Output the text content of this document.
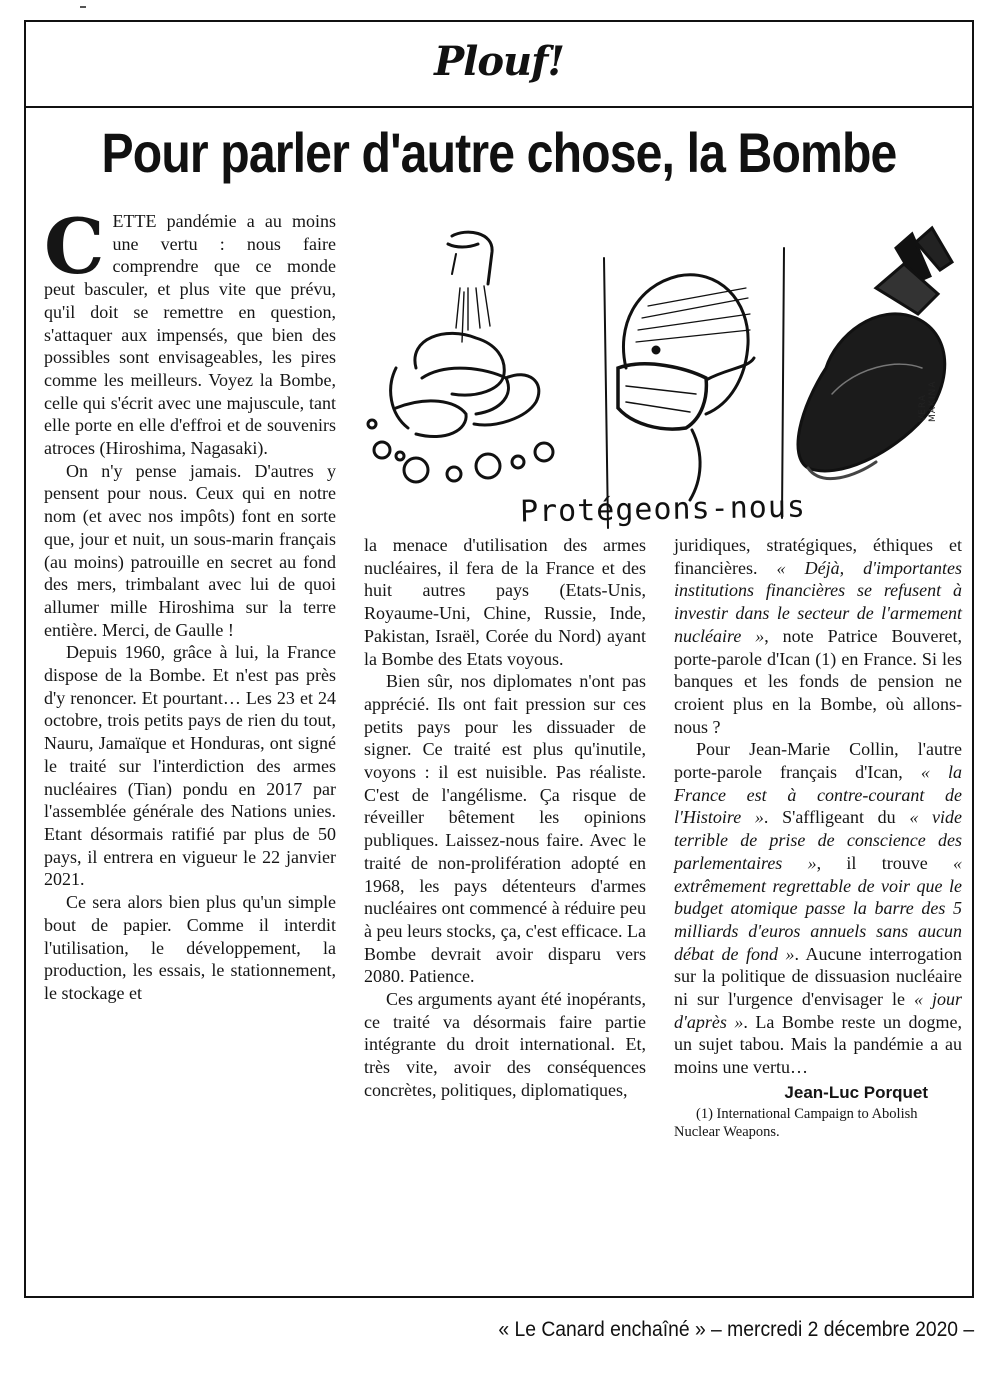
Plouf!
Pour parler d'autre chose, la Bombe

CETTE pandémie a au moins une vertu : nous faire comprendre que ce monde peut basculer, et plus vite que prévu, qu'il doit se remettre en question, s'attaquer aux impensés, que bien des possibles sont envisageables, les pires comme les meilleurs. Voyez la Bombe, celle qui s'écrit avec une majuscule, tant elle porte en elle d'effroi et de souvenirs atroces (Hiroshima, Nagasaki).

On n'y pense jamais. D'autres y pensent pour nous. Ceux qui en notre nom (et avec nos impôts) font en sorte que, jour et nuit, un sous-marin français (au moins) patrouille en secret au fond des mers, trimbalant avec lui de quoi allumer mille Hiroshima sur la terre entière. Merci, de Gaulle !

Depuis 1960, grâce à lui, la France dispose de la Bombe. Et n'est pas près d'y renoncer. Et pourtant… Les 23 et 24 octobre, trois petits pays de rien du tout, Nauru, Jamaïque et Honduras, ont signé le traité sur l'interdiction des armes nucléaires (Tian) pondu en 2017 par l'assemblée générale des Nations unies. Etant désormais ratifié par plus de 50 pays, il entrera en vigueur le 22 janvier 2021.

Ce sera alors bien plus qu'un simple bout de papier. Comme il interdit l'utilisation, le développement, la production, les essais, le stationnement, le stockage et

Protégeons-nous
VERA MAKINA

la menace d'utilisation des armes nucléaires, il fera de la France et des huit autres pays (Etats-Unis, Royaume-Uni, Chine, Russie, Inde, Pakistan, Israël, Corée du Nord) ayant la Bombe des Etats voyous.

Bien sûr, nos diplomates n'ont pas apprécié. Ils ont fait pression sur ces petits pays pour les dissuader de signer. Ce traité est plus qu'inutile, voyons : il est nuisible. Pas réaliste. C'est de l'angélisme. Ça risque de réveiller bêtement les opinions publiques. Laissez-nous faire. Avec le traité de non-prolifération adopté en 1968, les pays détenteurs d'armes nucléaires ont commencé à réduire peu à peu leurs stocks, ça, c'est efficace. La Bombe devrait avoir disparu vers 2080. Patience.

Ces arguments ayant été inopérants, ce traité va désormais faire partie intégrante du droit international. Et, très vite, avoir des conséquences concrètes, politiques, diplomatiques,

juridiques, stratégiques, éthiques et financières. « Déjà, d'importantes institutions financières se refusent à investir dans le secteur de l'armement nucléaire », note Patrice Bouveret, porte-parole d'Ican (1) en France. Si les banques et les fonds de pension ne croient plus en la Bombe, où allons-nous ?

Pour Jean-Marie Collin, l'autre porte-parole français d'Ican, « la France est à contre-courant de l'Histoire ». S'affligeant du « vide terrible de prise de conscience des parlementaires », il trouve « extrêmement regrettable de voir que le budget atomique passe la barre des 5 milliards d'euros annuels sans aucun débat de fond ». Aucune interrogation sur la politique de dissuasion nucléaire ni sur l'urgence d'envisager le « jour d'après ». La Bombe reste un dogme, un sujet tabou. Mais la pandémie a au moins une vertu…

Jean-Luc Porquet

(1) International Campaign to Abolish Nuclear Weapons.

« Le Canard enchaîné » – mercredi 2 décembre 2020 –
